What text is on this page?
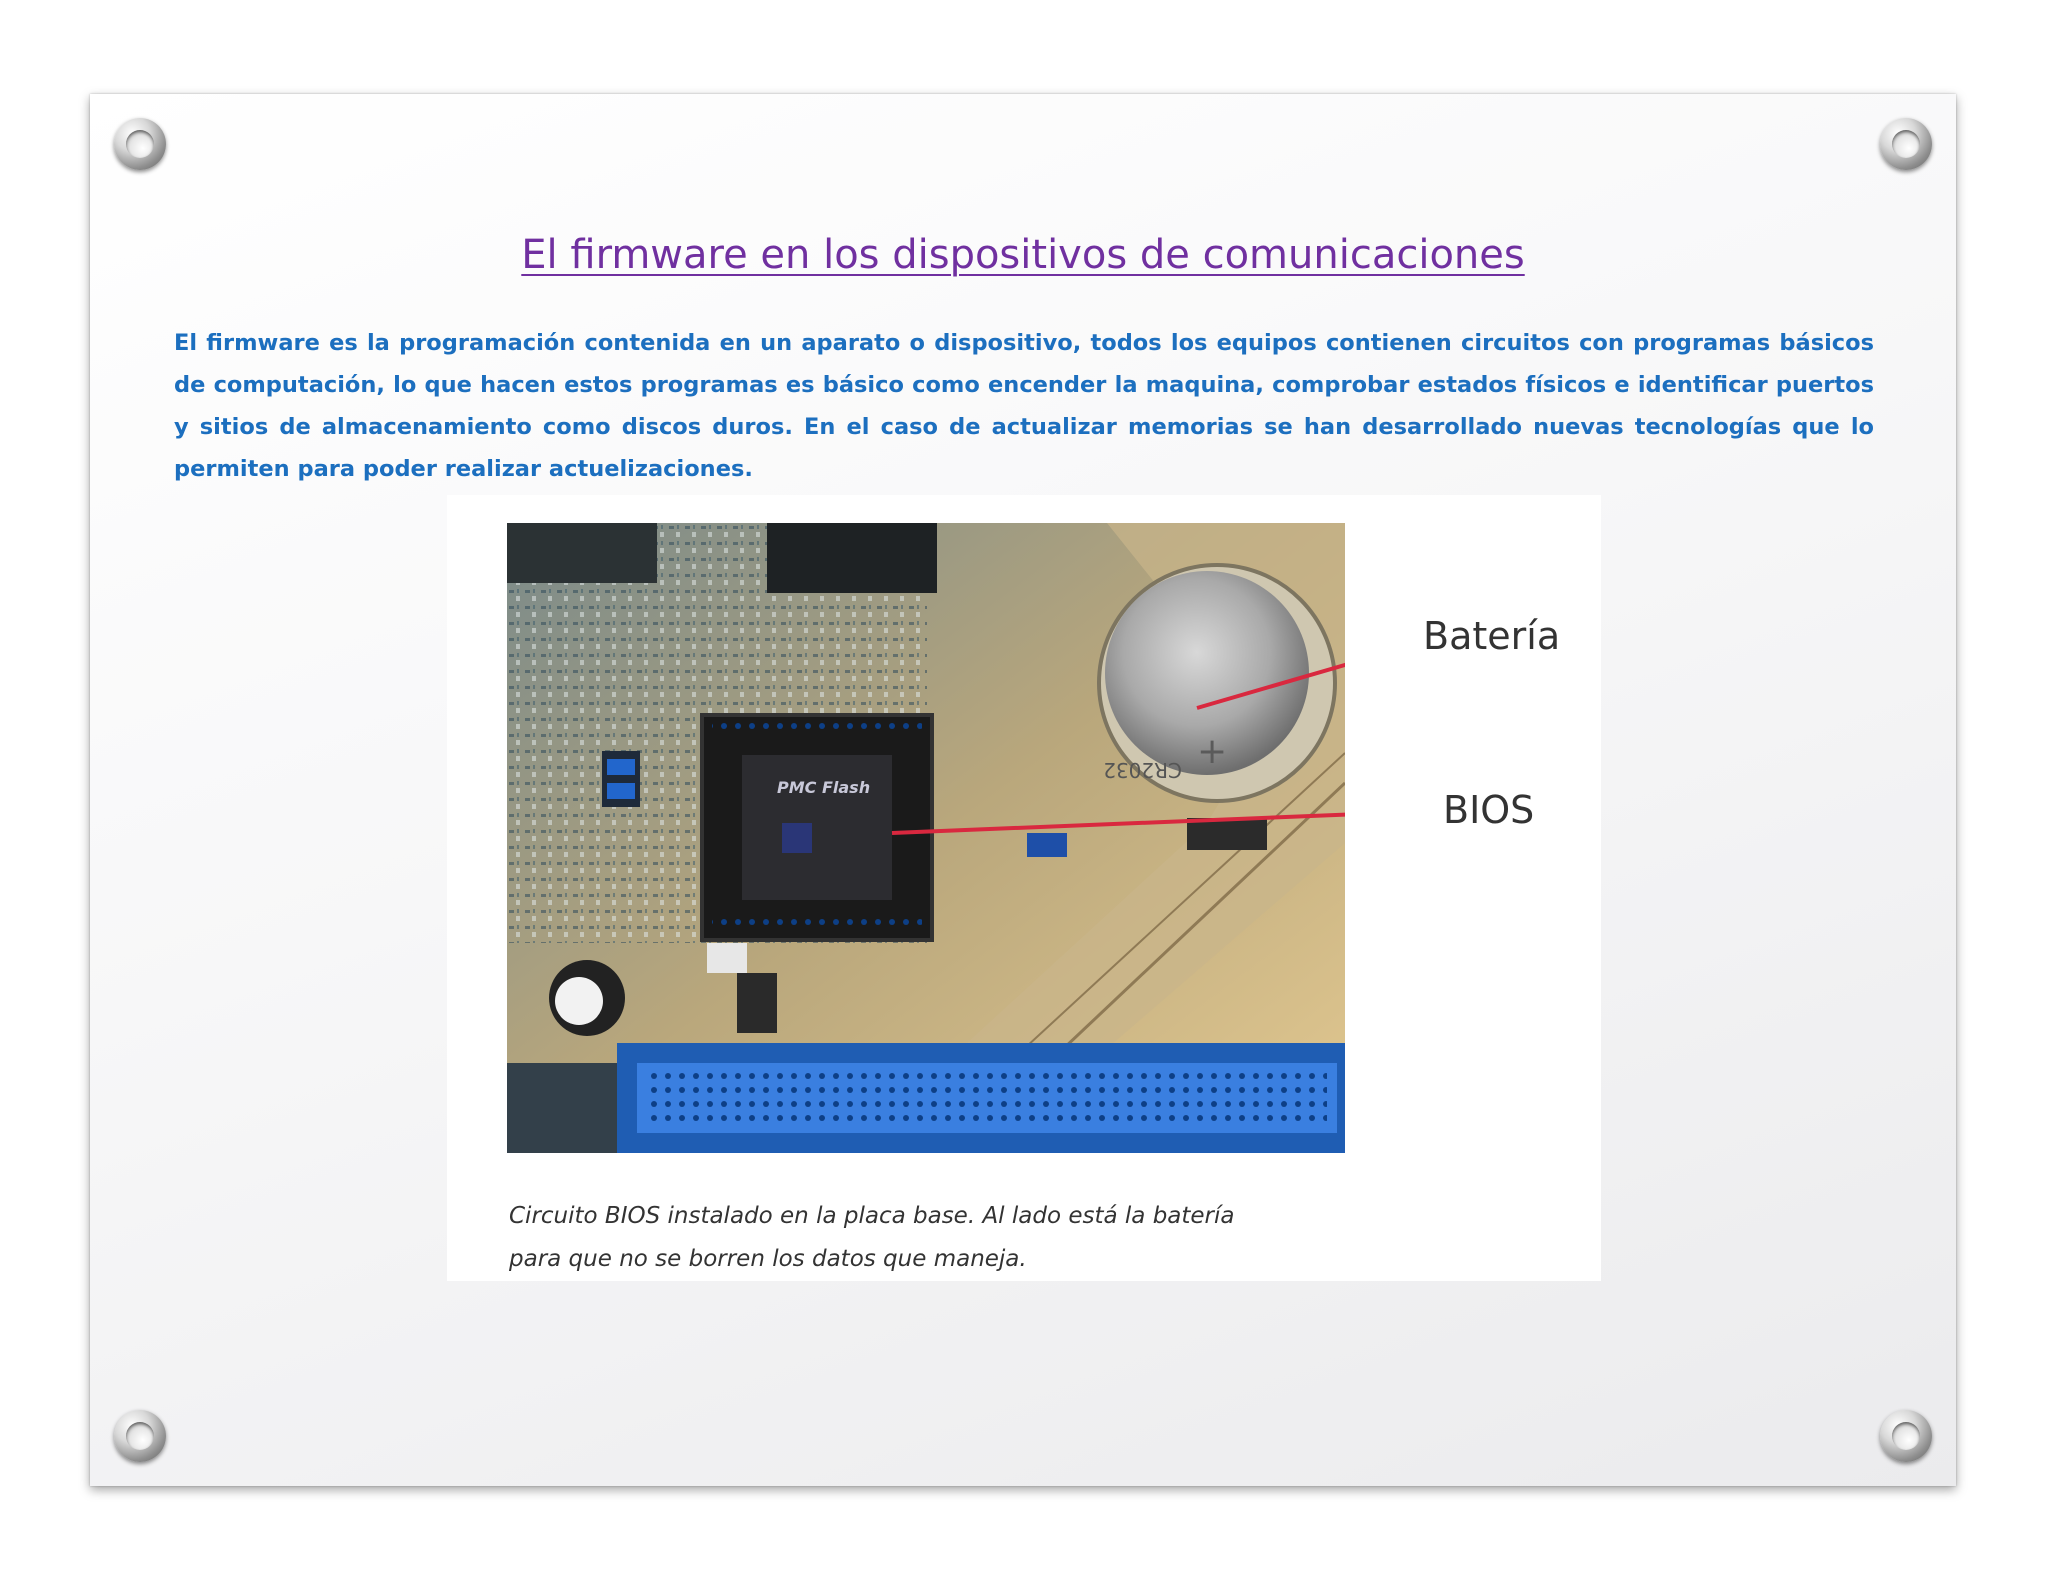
El firmware en los dispositivos de comunicaciones

El firmware es la programación contenida en un aparato o dispositivo, todos los equipos contienen circuitos con programas básicos de computación, lo que hacen estos programas es básico como encender la maquina, comprobar estados físicos e identificar puertos y sitios de almacenamiento como discos duros. En el caso de actualizar memorias se han desarrollado nuevas tecnologías que lo permiten para poder realizar actuelizaciones.

CR2032 +
PMC Flash
Batería
BIOS
Circuito BIOS instalado en la placa base. Al lado está la batería
para que no se borren los datos que maneja.
